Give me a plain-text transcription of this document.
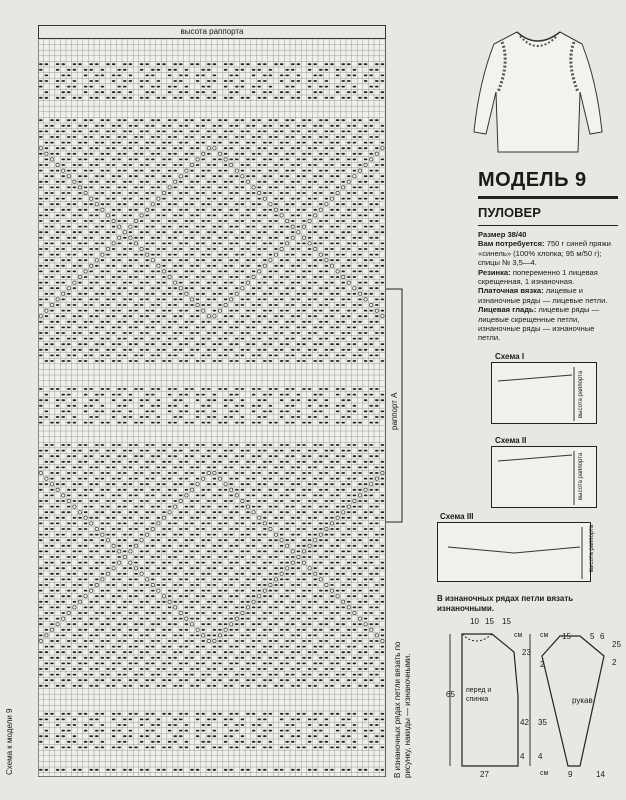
высота раппорта
раппорт А
Схема к модели 9	В изнаночных рядах петли вязать по рисунку, накиды — изнаночными.
МОДЕЛЬ 9
ПУЛОВЕР

Размер 38/40

Вам потребуется: 750 г синей пряжи «синель» (100% хлопка; 95 м/50 г); спицы № 3,5—4.

Резинка: попеременно 1 лицевая скрещенная, 1 изнаночная.

Платочная вязка: лицевые и изнаночные ряды — лицевые петли.

Лицевая гладь: лицевые ряды — лицевые скрещенные петли, изнаночные ряды — изнаночные петли.

Схема I
высота раппорта
Схема II
высота раппорта
Схема III
высота раппорта
В изнаночных рядах петли вязать изнаночными.
10 15 15
см	см 15 5 6
23
2
65 перед и спинка	рукав
42 35
4 4
27	см 9	14
25
2
